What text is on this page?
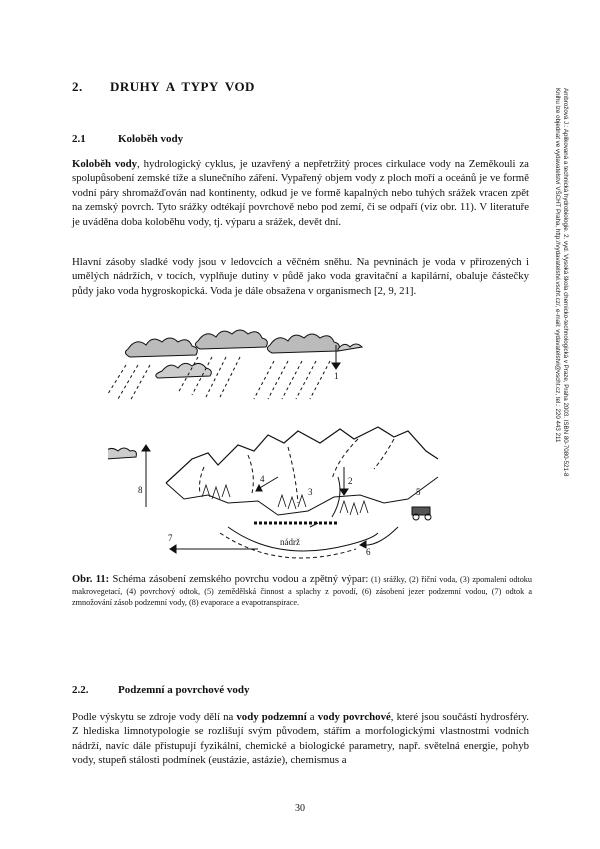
Ambrožová J.: Aplikovaná a technická hydrobiologie. 2. vyd. Vysoká škola chemicko-technologická v Praze, Praha 2003. ISBN 80-7080-521-8
Knihu lze objednat ve vydavatelství VŠCHT Praha, http://vydavatelstvi.vscht.cz/, e-mail: vydavatelstvi@vscht.cz, tel.: 220 443 211
2. DRUHY A TYPY VOD
2.1	Koloběh vody

Koloběh vody, hydrologický cyklus, je uzavřený a nepřetržitý proces cirkulace vody na Zeměkouli za spolupůsobení zemské tíže a slunečního záření. Vypařený objem vody z ploch moří a oceánů je ve formě vodní páry shromažďován nad kontinenty, odkud je ve formě kapalných nebo tuhých srážek vracen zpět na zemský povrch. Tyto srážky odtékají povrchově nebo pod zemí, či se odpaří (viz obr. 11). V literatuře je uváděna doba koloběhu vody, tj. výparu a srážek, devět dní.

Hlavní zásoby sladké vody jsou v ledovcích a věčném sněhu. Na pevninách je voda v přirozených i umělých nádržích, v tocích, vyplňuje dutiny v půdě jako voda gravitační a kapilární, obaluje částečky půdy jako voda hygroskopická. Voda je dále obsažena v organismech [2, 9, 21].

1
2
3
4
5
6
7
8
nádrž
Obr. 11: Schéma zásobení zemského povrchu vodou a zpětný výpar: (1) srážky, (2) říční voda, (3) zpomalení odtoku makrovegetací, (4) povrchový odtok, (5) zemědělská činnost a splachy z povodí, (6) zásobení jezer podzemní vodou, (7) odtok a zmnožování zásob podzemní vody, (8) evaporace a evapotranspirace.
2.2.	Podzemní a povrchové vody

Podle výskytu se zdroje vody dělí na vody podzemní a vody povrchové, které jsou součástí hydrosféry. Z hlediska limnotypologie se rozlišují svým původem, stářím a morfologickými vlastnostmi vodních nádrží, navíc dále přistupují fyzikální, chemické a biologické parametry, např. světelná energie, pohyb vody, stupeň stálosti podmínek (eustázie, astázie), chemismus a

30
